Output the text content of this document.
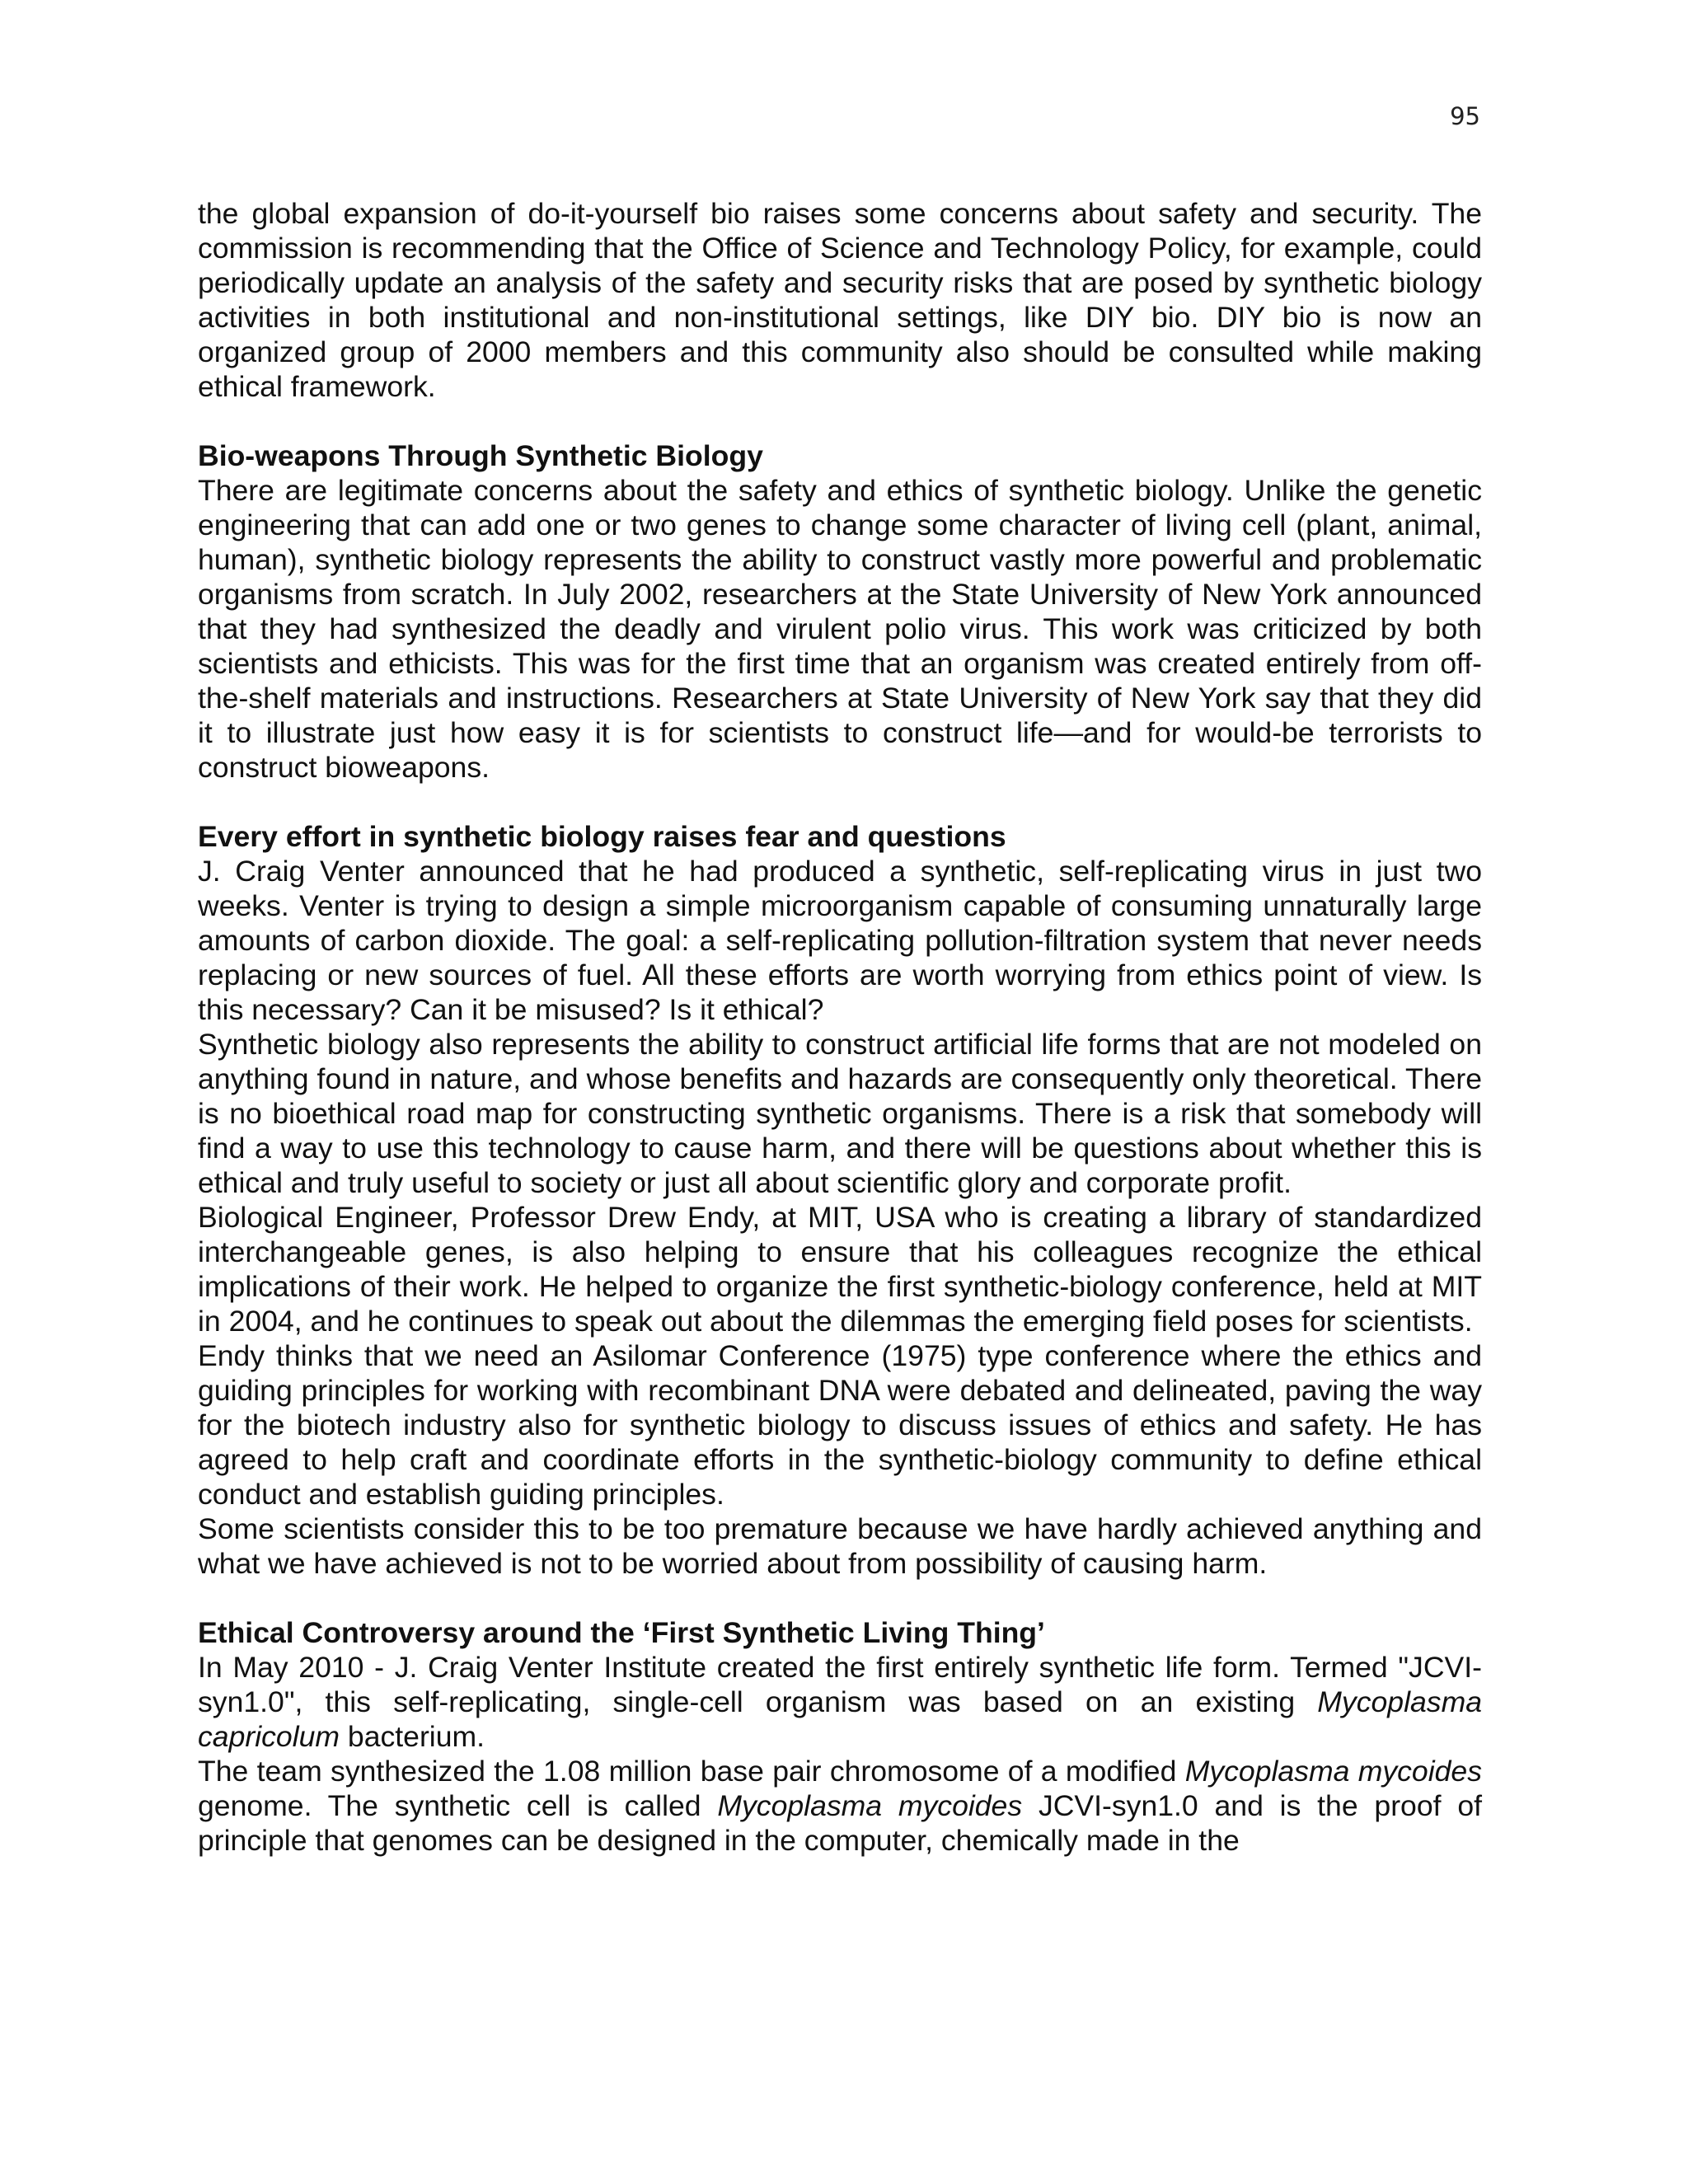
95

the global expansion of do-it-yourself bio raises some concerns about safety and security. The commission is recommending that the Office of Science and Technology Policy, for example, could periodically update an analysis of the safety and security risks that are posed by synthetic biology activities in both institutional and non-institutional settings, like DIY bio. DIY bio is now an organized group of 2000 members and this community also should be consulted while making ethical framework.

Bio-weapons Through Synthetic Biology

There are legitimate concerns about the safety and ethics of synthetic biology. Unlike the genetic engineering that can add one or two genes to change some character of living cell (plant, animal, human), synthetic biology represents the ability to construct vastly more powerful and problematic organisms from scratch. In July 2002, researchers at the State University of New York announced that they had synthesized the deadly and virulent polio virus. This work was criticized by both scientists and ethicists. This was for the first time that an organism was created entirely from off-the-shelf materials and instructions. Researchers at State University of New York say that they did it to illustrate just how easy it is for scientists to construct life—and for would-be terrorists to construct bioweapons.

Every effort in synthetic biology raises fear and questions

J. Craig Venter announced that he had produced a synthetic, self-replicating virus in just two weeks. Venter is trying to design a simple microorganism capable of consuming unnaturally large amounts of carbon dioxide. The goal: a self-replicating pollution-filtration system that never needs replacing or new sources of fuel. All these efforts are worth worrying from ethics point of view. Is this necessary? Can it be misused? Is it ethical?

Synthetic biology also represents the ability to construct artificial life forms that are not modeled on anything found in nature, and whose benefits and hazards are consequently only theoretical. There is no bioethical road map for constructing synthetic organisms. There is a risk that somebody will find a way to use this technology to cause harm, and there will be questions about whether this is ethical and truly useful to society or just all about scientific glory and corporate profit.

Biological Engineer, Professor Drew Endy, at MIT, USA who is creating a library of standardized interchangeable genes, is also helping to ensure that his colleagues recognize the ethical implications of their work. He helped to organize the first synthetic-biology conference, held at MIT in 2004, and he continues to speak out about the dilemmas the emerging field poses for scientists.

Endy thinks that we need an Asilomar Conference (1975) type conference where the ethics and guiding principles for working with recombinant DNA were debated and delineated, paving the way for the biotech industry also for synthetic biology to discuss issues of ethics and safety. He has agreed to help craft and coordinate efforts in the synthetic-biology community to define ethical conduct and establish guiding principles.

Some scientists consider this to be too premature because we have hardly achieved anything and what we have achieved is not to be worried about from possibility of causing harm.

Ethical Controversy around the ‘First Synthetic Living Thing’

In May 2010 - J. Craig Venter Institute created the first entirely synthetic life form. Termed "JCVI-syn1.0", this self-replicating, single-cell organism was based on an existing Mycoplasma capricolum bacterium.

The team synthesized the 1.08 million base pair chromosome of a modified Mycoplasma mycoides genome. The synthetic cell is called Mycoplasma mycoides JCVI-syn1.0 and is the proof of principle that genomes can be designed in the computer, chemically made in the
